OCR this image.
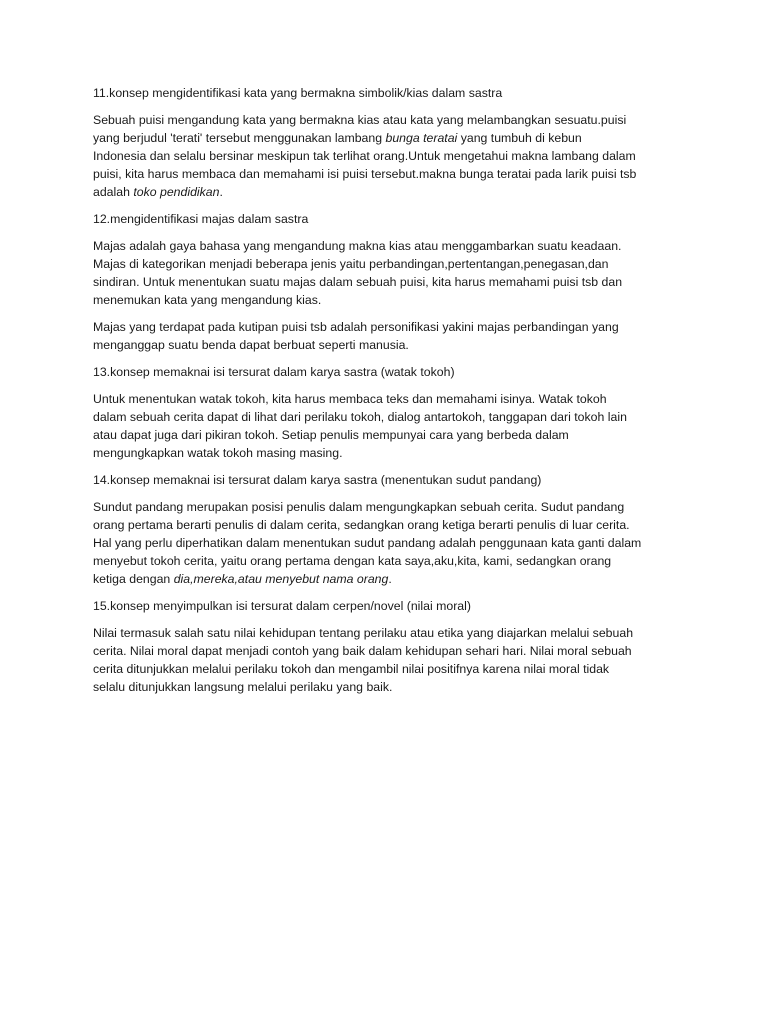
11.konsep mengidentifikasi kata yang bermakna simbolik/kias dalam sastra
Sebuah puisi mengandung kata yang bermakna kias atau kata yang melambangkan sesuatu.puisi
yang berjudul 'terati' tersebut menggunakan lambang bunga teratai yang tumbuh di kebun
Indonesia dan selalu bersinar meskipun tak terlihat orang.Untuk mengetahui makna lambang dalam
puisi, kita harus membaca dan memahami isi puisi tersebut.makna bunga teratai pada larik puisi tsb
adalah toko pendidikan.
12.mengidentifikasi majas dalam sastra
Majas adalah gaya bahasa yang mengandung makna kias atau menggambarkan suatu keadaan.
Majas di kategorikan menjadi beberapa jenis yaitu perbandingan,pertentangan,penegasan,dan
sindiran. Untuk menentukan suatu majas dalam sebuah puisi, kita harus memahami puisi tsb dan
menemukan kata yang mengandung kias.
Majas yang terdapat pada kutipan puisi tsb adalah personifikasi yakini majas perbandingan yang
menganggap suatu benda dapat berbuat seperti manusia.
13.konsep memaknai isi tersurat dalam karya sastra (watak tokoh)
Untuk menentukan watak tokoh, kita harus membaca teks dan memahami isinya. Watak tokoh
dalam sebuah cerita dapat di lihat dari perilaku tokoh, dialog antartokoh, tanggapan dari tokoh lain
atau dapat juga dari pikiran tokoh. Setiap penulis mempunyai cara yang berbeda dalam
mengungkapkan watak tokoh masing masing.
14.konsep memaknai isi tersurat dalam karya sastra (menentukan sudut pandang)
Sundut pandang merupakan posisi penulis dalam mengungkapkan sebuah cerita. Sudut pandang
orang pertama berarti penulis di dalam cerita, sedangkan orang ketiga berarti penulis di luar cerita.
Hal yang perlu diperhatikan dalam menentukan sudut pandang adalah penggunaan kata ganti dalam
menyebut tokoh cerita, yaitu orang pertama dengan kata saya,aku,kita, kami, sedangkan orang
ketiga dengan dia,mereka,atau menyebut nama orang.
15.konsep menyimpulkan isi tersurat dalam cerpen/novel (nilai moral)
Nilai termasuk salah satu nilai kehidupan tentang perilaku atau etika yang diajarkan melalui sebuah
cerita. Nilai moral dapat menjadi contoh yang baik dalam kehidupan sehari hari. Nilai moral sebuah
cerita ditunjukkan melalui perilaku tokoh dan mengambil nilai positifnya karena nilai moral tidak
selalu ditunjukkan langsung melalui perilaku yang baik.
